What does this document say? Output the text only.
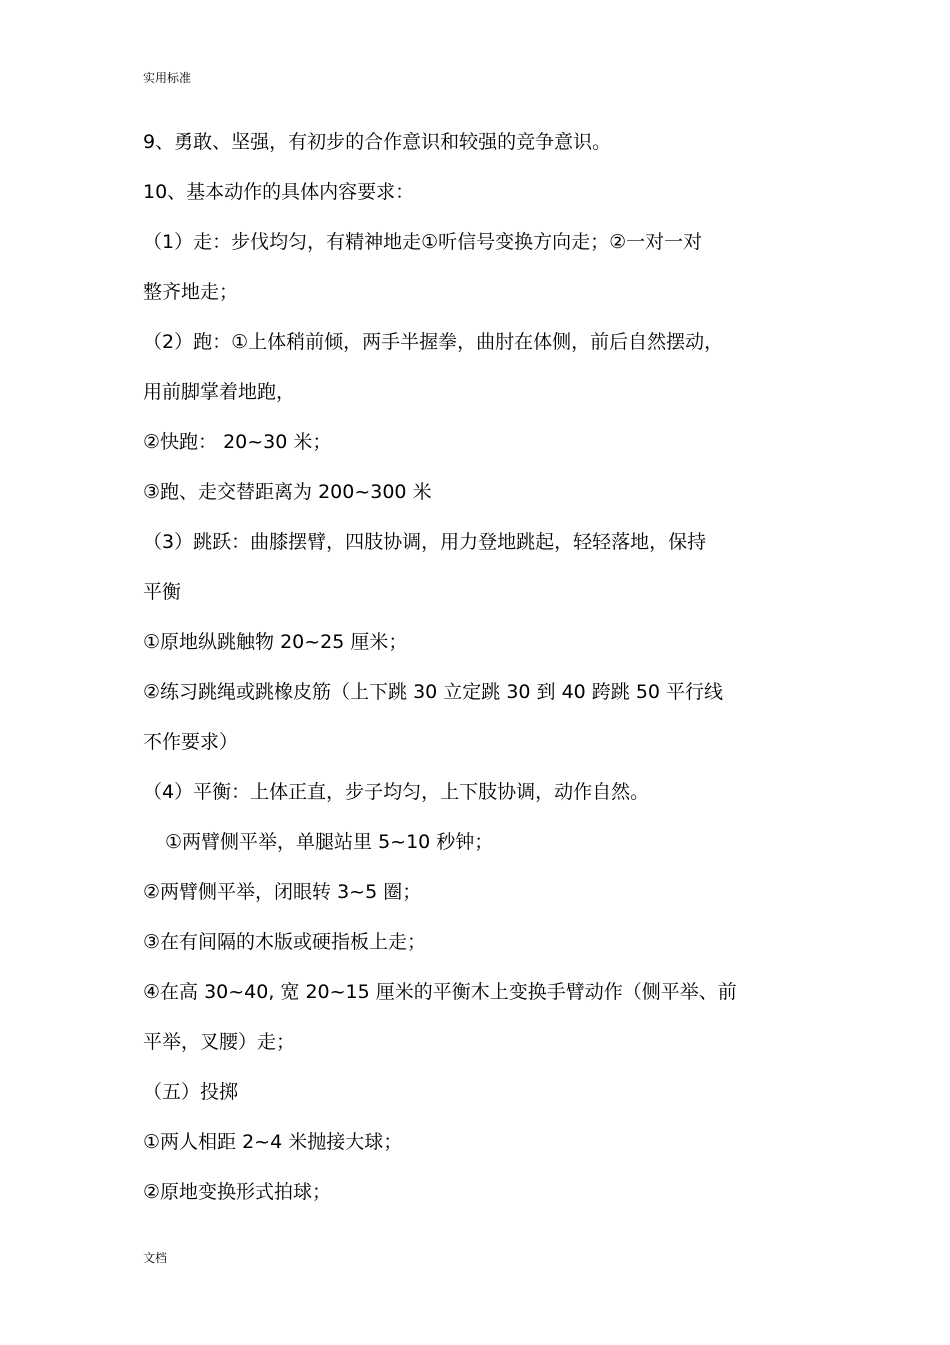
实用标准
9、勇敢、坚强，有初步的合作意识和较强的竞争意识。
10、基本动作的具体内容要求：
（1）走：步伐均匀，有精神地走①听信号变换方向走；②一对一对
整齐地走；
（2）跑：①上体稍前倾，两手半握拳，曲肘在体侧，前后自然摆动，
用前脚掌着地跑，
②快跑： 20~30 米；
③跑、走交替距离为 200~300 米
（3）跳跃：曲膝摆臂，四肢协调，用力登地跳起，轻轻落地，保持
平衡
①原地纵跳触物 20~25 厘米；
②练习跳绳或跳橡皮筋（上下跳 30 立定跳 30 到 40 跨跳 50 平行线
不作要求）
（4）平衡：上体正直，步子均匀，上下肢协调，动作自然。
①两臂侧平举，单腿站里 5~10 秒钟；
②两臂侧平举，闭眼转 3~5 圈；
③在有间隔的木版或硬指板上走；
④在高 30~40, 宽 20~15 厘米的平衡木上变换手臂动作（侧平举、前
平举，叉腰）走；
（五）投掷
①两人相距 2~4 米抛接大球；
②原地变换形式拍球；
文档
